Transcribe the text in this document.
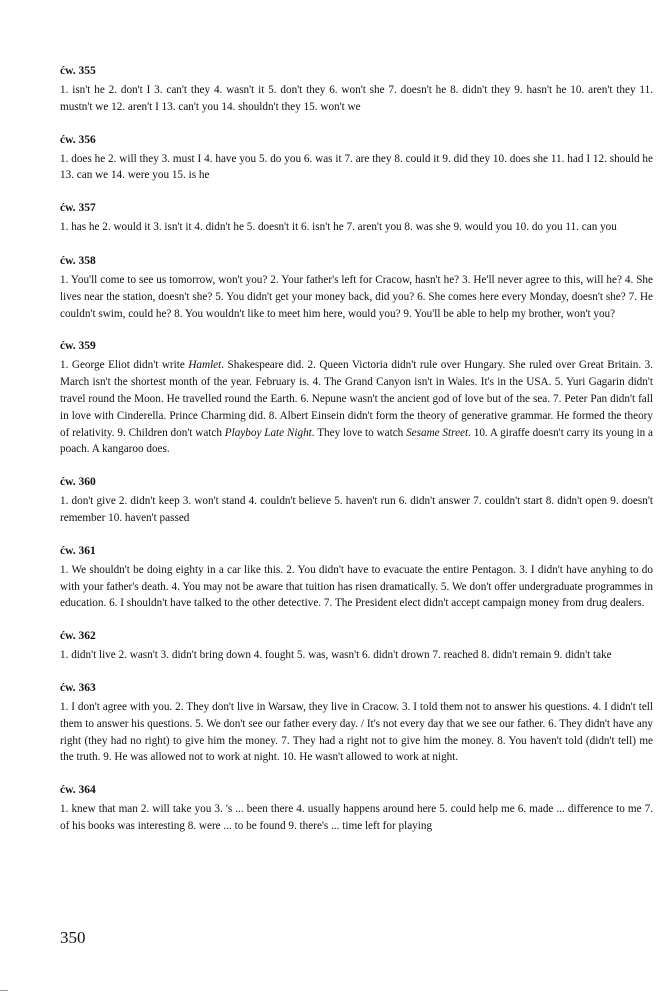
ćw. 355
1. isn't he 2. don't I 3. can't they 4. wasn't it 5. don't they 6. won't she 7. doesn't he 8. didn't they 9. hasn't he 10. aren't they 11. mustn't we 12. aren't I 13. can't you 14. shouldn't they 15. won't we
ćw. 356
1. does he 2. will they 3. must I 4. have you 5. do you 6. was it 7. are they 8. could it 9. did they 10. does she 11. had I 12. should he 13. can we 14. were you 15. is he
ćw. 357
1. has he 2. would it 3. isn't it 4. didn't he 5. doesn't it 6. isn't he 7. aren't you 8. was she 9. would you 10. do you 11. can you
ćw. 358
1. You'll come to see us tomorrow, won't you? 2. Your father's left for Cracow, hasn't he? 3. He'll never agree to this, will he? 4. She lives near the station, doesn't she? 5. You didn't get your money back, did you? 6. She comes here every Monday, doesn't she? 7. He couldn't swim, could he? 8. You wouldn't like to meet him here, would you? 9. You'll be able to help my brother, won't you?
ćw. 359
1. George Eliot didn't write Hamlet. Shakespeare did. 2. Queen Victoria didn't rule over Hungary. She ruled over Great Britain. 3. March isn't the shortest month of the year. February is. 4. The Grand Canyon isn't in Wales. It's in the USA. 5. Yuri Gagarin didn't travel round the Moon. He travelled round the Earth. 6. Nepune wasn't the ancient god of love but of the sea. 7. Peter Pan didn't fall in love with Cinderella. Prince Charming did. 8. Albert Einsein didn't form the theory of generative grammar. He formed the theory of relativity. 9. Children don't watch Playboy Late Night. They love to watch Sesame Street. 10. A giraffe doesn't carry its young in a poach. A kangaroo does.
ćw. 360
1. don't give 2. didn't keep 3. won't stand 4. couldn't believe 5. haven't run 6. didn't answer 7. couldn't start 8. didn't open 9. doesn't remember 10. haven't passed
ćw. 361
1. We shouldn't be doing eighty in a car like this. 2. You didn't have to evacuate the entire Pentagon. 3. I didn't have anyhing to do with your father's death. 4. You may not be aware that tuition has risen dramatically. 5. We don't offer undergraduate programmes in education. 6. I shouldn't have talked to the other detective. 7. The President elect didn't accept campaign money from drug dealers.
ćw. 362
1. didn't live 2. wasn't 3. didn't bring down 4. fought 5. was, wasn't 6. didn't drown 7. reached 8. didn't remain 9. didn't take
ćw. 363
1. I don't agree with you. 2. They don't live in Warsaw, they live in Cracow. 3. I told them not to answer his questions. 4. I didn't tell them to answer his questions. 5. We don't see our father every day. / It's not every day that we see our father. 6. They didn't have any right (they had no right) to give him the money. 7. They had a right not to give him the money. 8. You haven't told (didn't tell) me the truth. 9. He was allowed not to work at night. 10. He wasn't allowed to work at night.
ćw. 364
1. knew that man 2. will take you 3. 's ... been there 4. usually happens around here 5. could help me 6. made ... difference to me 7. of his books was interesting 8. were ... to be found 9. there's ... time left for playing
350
